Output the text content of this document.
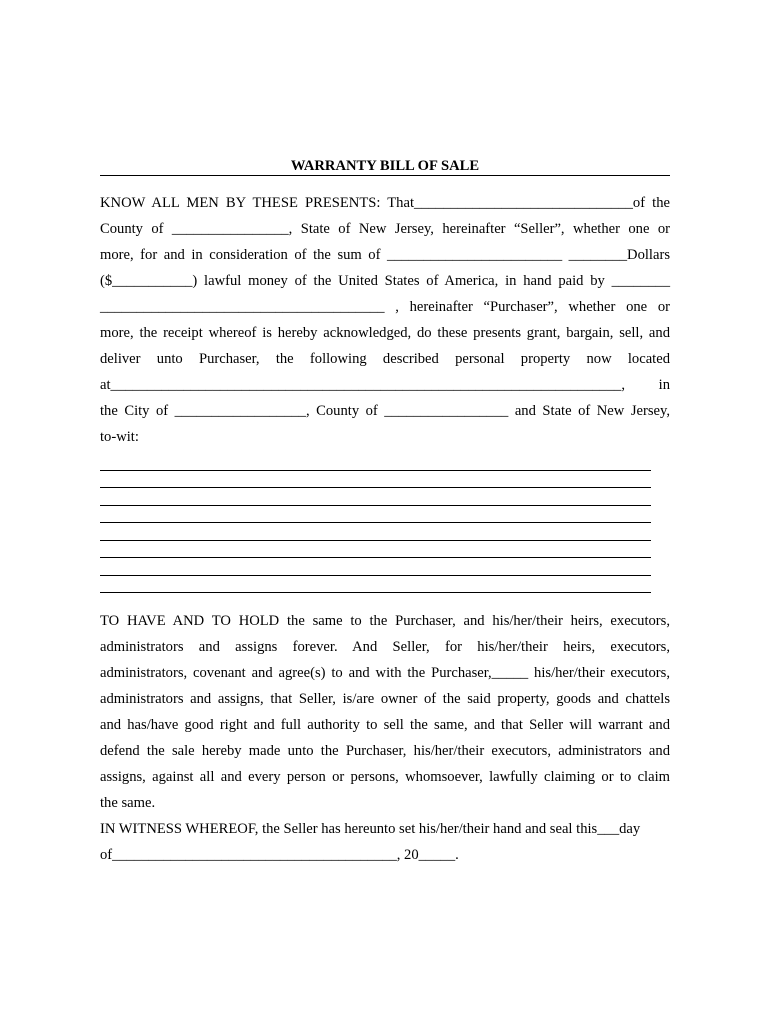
WARRANTY BILL OF SALE
KNOW ALL MEN BY THESE PRESENTS: That______________________________of the
County of ________________, State of New Jersey, hereinafter “Seller”, whether one or
more, for and in consideration of the sum of ________________________ ________Dollars
($___________) lawful money of the United States of America, in hand paid by ________
_______________________________________ , hereinafter “Purchaser”, whether one or
more, the receipt whereof is hereby acknowledged, do these presents grant, bargain, sell, and
deliver unto Purchaser, the following described personal property now located
at______________________________________________________________________, in
the City of __________________, County of _________________ and State of New Jersey,
to-wit:
TO HAVE AND TO HOLD the same to the Purchaser, and his/her/their heirs, executors,
administrators and assigns forever. And Seller, for his/her/their heirs, executors,
administrators, covenant and agree(s) to and with the Purchaser,_____ his/her/their executors,
administrators and assigns, that Seller, is/are owner of the said property, goods and chattels
and has/have good right and full authority to sell the same, and that Seller will warrant and
defend the sale hereby made unto the Purchaser, his/her/their executors, administrators and
assigns, against all and every person or persons, whomsoever, lawfully claiming or to claim
the same.
IN WITNESS WHEREOF, the Seller has hereunto set his/her/their hand and seal this___day
of_______________________________________, 20_____.
